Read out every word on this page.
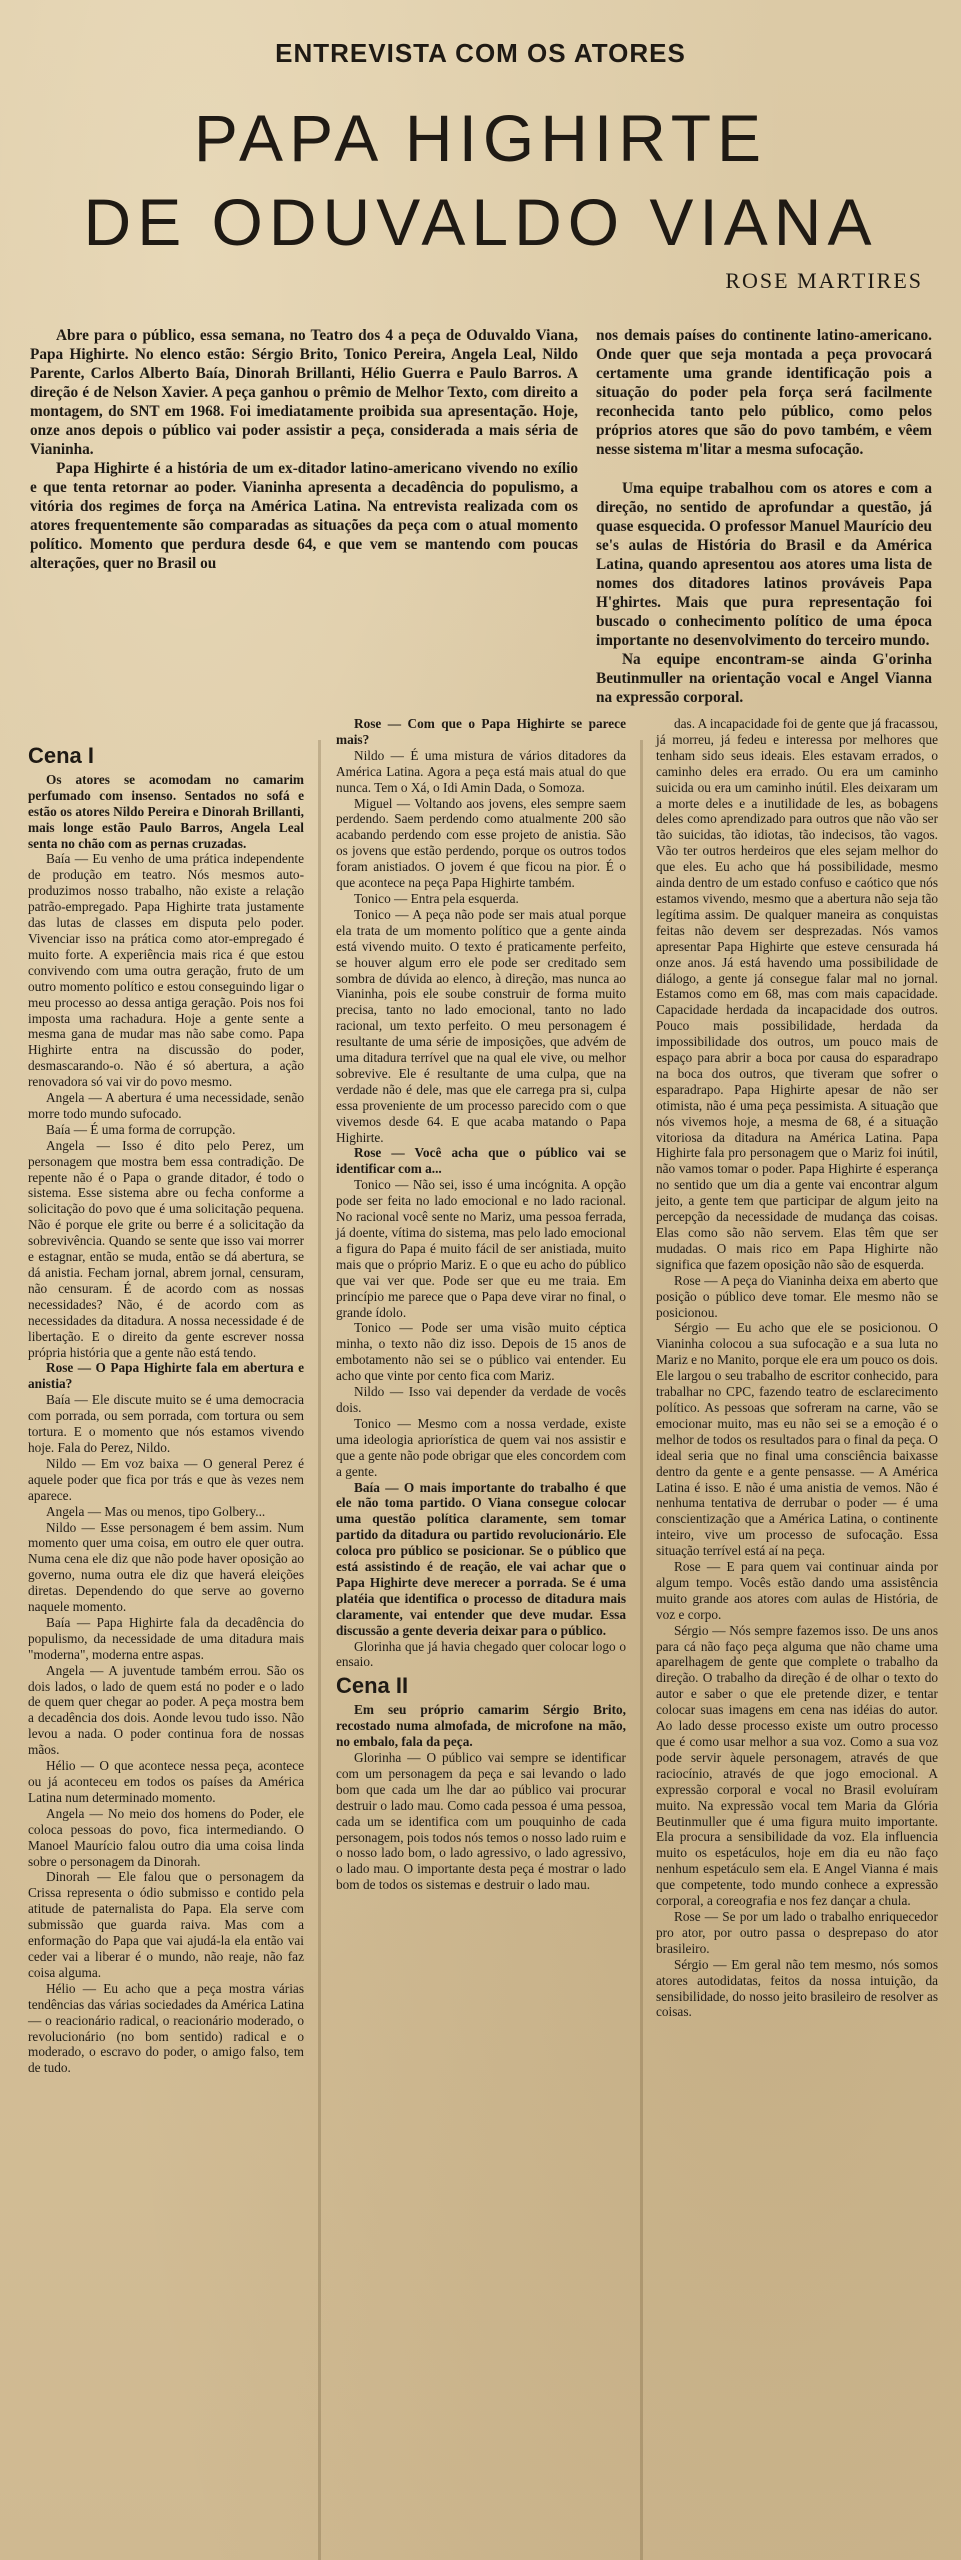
ENTREVISTA COM OS ATORES
PAPA HIGHIRTE
DE ODUVALDO VIANA
ROSE MARTIRES

Abre para o público, essa semana, no Teatro dos 4 a peça de Oduvaldo Viana, Papa Highirte. No elenco estão: Sérgio Brito, Tonico Pereira, Angela Leal, Nildo Parente, Carlos Alberto Baía, Dinorah Brillanti, Hélio Guerra e Paulo Barros. A direção é de Nelson Xavier. A peça ganhou o prêmio de Melhor Texto, com direito a montagem, do SNT em 1968. Foi imediatamente proibida sua apresentação. Hoje, onze anos depois o público vai poder assistir a peça, considerada a mais séria de Vianinha.

Papa Highirte é a história de um ex-ditador latino-americano vivendo no exílio e que tenta retornar ao poder. Vianinha apresenta a decadência do populismo, a vitória dos regimes de força na América Latina. Na entrevista realizada com os atores frequentemente são comparadas as situações da peça com o atual momento político. Momento que perdura desde 64, e que vem se mantendo com poucas alterações, quer no Brasil ou

nos demais países do continente latino-americano. Onde quer que seja montada a peça provocará certamente uma grande identificação pois a situação do poder pela força será facilmente reconhecida tanto pelo público, como pelos próprios atores que são do povo também, e vêem nesse sistema m'litar a mesma sufocação.

Uma equipe trabalhou com os atores e com a direção, no sentido de aprofundar a questão, já quase esquecida. O professor Manuel Maurício deu se's aulas de História do Brasil e da América Latina, quando apresentou aos atores uma lista de nomes dos ditadores latinos prováveis Papa H'ghirtes. Mais que pura representação foi buscado o conhecimento político de uma época importante no desenvolvimento do terceiro mundo.

Na equipe encontram-se ainda G'orinha Beutinmuller na orientação vocal e Angel Vianna na expressão corporal.

Cena I

Os atores se acomodam no camarim perfumado com insenso. Sentados no sofá e estão os atores Nildo Pereira e Dinorah Brillanti, mais longe estão Paulo Barros, Angela Leal senta no chão com as pernas cruzadas.

Baía — Eu venho de uma prática independente de produção em teatro. Nós mesmos auto-produzimos nosso trabalho, não existe a relação patrão-empregado. Papa Highirte trata justamente das lutas de classes em disputa pelo poder. Vivenciar isso na prática como ator-empregado é muito forte. A experiência mais rica é que estou convivendo com uma outra geração, fruto de um outro momento político e estou conseguindo ligar o meu processo ao dessa antiga geração. Pois nos foi imposta uma rachadura. Hoje a gente sente a mesma gana de mudar mas não sabe como. Papa Highirte entra na discussão do poder, desmascarando-o. Não é só abertura, a ação renovadora só vai vir do povo mesmo.

Angela — A abertura é uma necessidade, senão morre todo mundo sufocado.

Baía — É uma forma de corrupção.

Angela — Isso é dito pelo Perez, um personagem que mostra bem essa contradição. De repente não é o Papa o grande ditador, é todo o sistema. Esse sistema abre ou fecha conforme a solicitação do povo que é uma solicitação pequena. Não é porque ele grite ou berre é a solicitação da sobrevivência. Quando se sente que isso vai morrer e estagnar, então se muda, então se dá abertura, se dá anistia. Fecham jornal, abrem jornal, censuram, não censuram. É de acordo com as nossas necessidades? Não, é de acordo com as necessidades da ditadura. A nossa necessidade é de libertação. E o direito da gente escrever nossa própria história que a gente não está tendo.

Rose — O Papa Highirte fala em abertura e anistia?

Baía — Ele discute muito se é uma democracia com porrada, ou sem porrada, com tortura ou sem tortura. E o momento que nós estamos vivendo hoje. Fala do Perez, Nildo.

Nildo — Em voz baixa — O general Perez é aquele poder que fica por trás e que às vezes nem aparece.

Angela — Mas ou menos, tipo Golbery...

Nildo — Esse personagem é bem assim. Num momento quer uma coisa, em outro ele quer outra. Numa cena ele diz que não pode haver oposição ao governo, numa outra ele diz que haverá eleições diretas. Dependendo do que serve ao governo naquele momento.

Baía — Papa Highirte fala da decadência do populismo, da necessidade de uma ditadura mais "moderna", moderna entre aspas.

Angela — A juventude também errou. São os dois lados, o lado de quem está no poder e o lado de quem quer chegar ao poder. A peça mostra bem a decadência dos dois. Aonde levou tudo isso. Não levou a nada. O poder continua fora de nossas mãos.

Hélio — O que acontece nessa peça, acontece ou já aconteceu em todos os países da América Latina num determinado momento.

Angela — No meio dos homens do Poder, ele coloca pessoas do povo, fica intermediando. O Manoel Maurício falou outro dia uma coisa linda sobre o personagem da Dinorah.

Dinorah — Ele falou que o personagem da Crissa representa o ódio submisso e contido pela atitude de paternalista do Papa. Ela serve com submissão que guarda raiva. Mas com a enformação do Papa que vai ajudá-la ela então vai ceder vai a liberar é o mundo, não reaje, não faz coisa alguma.

Hélio — Eu acho que a peça mostra várias tendências das várias sociedades da América Latina — o reacionário radical, o reacionário moderado, o revolucionário (no bom sentido) radical e o moderado, o escravo do poder, o amigo falso, tem de tudo.

Rose — Com que o Papa Highirte se parece mais?

Nildo — É uma mistura de vários ditadores da América Latina. Agora a peça está mais atual do que nunca. Tem o Xá, o Idi Amin Dada, o Somoza.

Miguel — Voltando aos jovens, eles sempre saem perdendo. Saem perdendo como atualmente 200 são acabando perdendo com esse projeto de anistia. São os jovens que estão perdendo, porque os outros todos foram anistiados. O jovem é que ficou na pior. É o que acontece na peça Papa Highirte também.

Tonico — Entra pela esquerda.

Tonico — A peça não pode ser mais atual porque ela trata de um momento político que a gente ainda está vivendo muito. O texto é praticamente perfeito, se houver algum erro ele pode ser creditado sem sombra de dúvida ao elenco, à direção, mas nunca ao Vianinha, pois ele soube construir de forma muito precisa, tanto no lado emocional, tanto no lado racional, um texto perfeito. O meu personagem é resultante de uma série de imposições, que advém de uma ditadura terrível que na qual ele vive, ou melhor sobrevive. Ele é resultante de uma culpa, que na verdade não é dele, mas que ele carrega pra si, culpa essa proveniente de um processo parecido com o que vivemos desde 64. E que acaba matando o Papa Highirte.

Rose — Você acha que o público vai se identificar com a...

Tonico — Não sei, isso é uma incógnita. A opção pode ser feita no lado emocional e no lado racional. No racional você sente no Mariz, uma pessoa ferrada, já doente, vítima do sistema, mas pelo lado emocional a figura do Papa é muito fácil de ser anistiada, muito mais que o próprio Mariz. E o que eu acho do público que vai ver que. Pode ser que eu me traia. Em princípio me parece que o Papa deve virar no final, o grande ídolo.

Tonico — Pode ser uma visão muito céptica minha, o texto não diz isso. Depois de 15 anos de embotamento não sei se o público vai entender. Eu acho que vinte por cento fica com Mariz.

Nildo — Isso vai depender da verdade de vocês dois.

Tonico — Mesmo com a nossa verdade, existe uma ideologia apriorística de quem vai nos assistir e que a gente não pode obrigar que eles concordem com a gente.

Baía — O mais importante do trabalho é que ele não toma partido. O Viana consegue colocar uma questão política claramente, sem tomar partido da ditadura ou partido revolucionário. Ele coloca pro público se posicionar. Se o público que está assistindo é de reação, ele vai achar que o Papa Highirte deve merecer a porrada. Se é uma platéia que identifica o processo de ditadura mais claramente, vai entender que deve mudar. Essa discussão a gente deveria deixar para o público.

Glorinha que já havia chegado quer colocar logo o ensaio.

Cena II

Em seu próprio camarim Sérgio Brito, recostado numa almofada, de microfone na mão, no embalo, fala da peça.

Glorinha — O público vai sempre se identificar com um personagem da peça e sai levando o lado bom que cada um lhe dar ao público vai procurar destruir o lado mau. Como cada pessoa é uma pessoa, cada um se identifica com um pouquinho de cada personagem, pois todos nós temos o nosso lado ruim e o nosso lado bom, o lado agressivo, o lado agressivo, o lado mau. O importante desta peça é mostrar o lado bom de todos os sistemas e destruir o lado mau.

das. A incapacidade foi de gente que já fracassou, já morreu, já fedeu e interessa por melhores que tenham sido seus ideais. Eles estavam errados, o caminho deles era errado. Ou era um caminho suicida ou era um caminho inútil. Eles deixaram um a morte deles e a inutilidade de les, as bobagens deles como aprendizado para outros que não vão ser tão suicidas, tão idiotas, tão indecisos, tão vagos. Vão ter outros herdeiros que eles sejam melhor do que eles. Eu acho que há possibilidade, mesmo ainda dentro de um estado confuso e caótico que nós estamos vivendo, mesmo que a abertura não seja tão legítima assim. De qualquer maneira as conquistas feitas não devem ser desprezadas. Nós vamos apresentar Papa Highirte que esteve censurada há onze anos. Já está havendo uma possibilidade de diálogo, a gente já consegue falar mal no jornal. Estamos como em 68, mas com mais capacidade. Capacidade herdada da incapacidade dos outros. Pouco mais possibilidade, herdada da impossibilidade dos outros, um pouco mais de espaço para abrir a boca por causa do esparadrapo na boca dos outros, que tiveram que sofrer o esparadrapo. Papa Highirte apesar de não ser otimista, não é uma peça pessimista. A situação que nós vivemos hoje, a mesma de 68, é a situação vitoriosa da ditadura na América Latina. Papa Highirte fala pro personagem que o Mariz foi inútil, não vamos tomar o poder. Papa Highirte é esperança no sentido que um dia a gente vai encontrar algum jeito, a gente tem que participar de algum jeito na percepção da necessidade de mudança das coisas. Elas como são não servem. Elas têm que ser mudadas. O mais rico em Papa Highirte não significa que fazem oposição não são de esquerda.

Rose — A peça do Vianinha deixa em aberto que posição o público deve tomar. Ele mesmo não se posicionou.

Sérgio — Eu acho que ele se posicionou. O Vianinha colocou a sua sufocação e a sua luta no Mariz e no Manito, porque ele era um pouco os dois. Ele largou o seu trabalho de escritor conhecido, para trabalhar no CPC, fazendo teatro de esclarecimento político. As pessoas que sofreram na carne, vão se emocionar muito, mas eu não sei se a emoção é o melhor de todos os resultados para o final da peça. O ideal seria que no final uma consciência baixasse dentro da gente e a gente pensasse. — A América Latina é isso. E não é uma anistia de vemos. Não é nenhuma tentativa de derrubar o poder — é uma conscientização que a América Latina, o continente inteiro, vive um processo de sufocação. Essa situação terrível está aí na peça.

Rose — E para quem vai continuar ainda por algum tempo. Vocês estão dando uma assistência muito grande aos atores com aulas de História, de voz e corpo.

Sérgio — Nós sempre fazemos isso. De uns anos para cá não faço peça alguma que não chame uma aparelhagem de gente que complete o trabalho da direção. O trabalho da direção é de olhar o texto do autor e saber o que ele pretende dizer, e tentar colocar suas imagens em cena nas idéias do autor. Ao lado desse processo existe um outro processo que é como usar melhor a sua voz. Como a sua voz pode servir àquele personagem, através de que raciocínio, através de que jogo emocional. A expressão corporal e vocal no Brasil evoluíram muito. Na expressão vocal tem Maria da Glória Beutinmuller que é uma figura muito importante. Ela procura a sensibilidade da voz. Ela influencia muito os espetáculos, hoje em dia eu não faço nenhum espetáculo sem ela. E Angel Vianna é mais que competente, todo mundo conhece a expressão corporal, a coreografia e nos fez dançar a chula.

Rose — Se por um lado o trabalho enriquecedor pro ator, por outro passa o desprepaso do ator brasileiro.

Sérgio — Em geral não tem mesmo, nós somos atores autodidatas, feitos da nossa intuição, da sensibilidade, do nosso jeito brasileiro de resolver as coisas.
